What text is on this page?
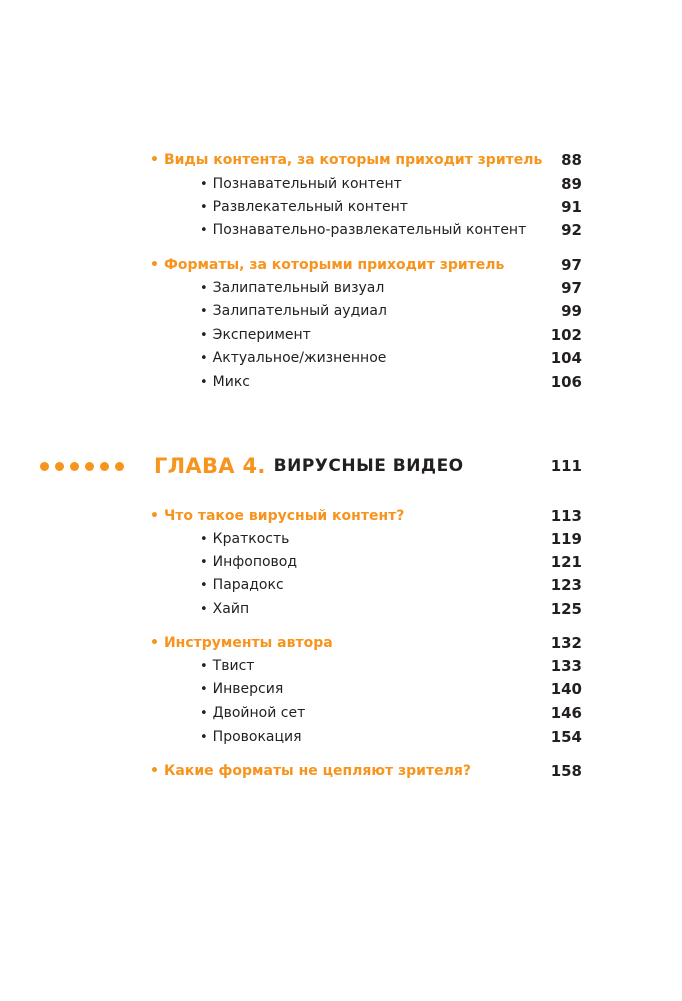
• Виды контента, за которым приходит зритель 88
• Познавательный контент	89
• Развлекательный контент	91
• Познавательно-развлекательный контент 92
• Форматы, за которыми приходит зритель	97
• Залипательный визуал	97
• Залипательный аудиал	99
• Эксперимент	102
• Актуальное/жизненное	104
• Микс	106
ГЛАВА 4. ВИРУСНЫЕ ВИДЕО	111
• Что такое вирусный контент?	113
• Краткость	119
• Инфоповод	121
• Парадокс	123
• Хайп	125
• Инструменты автора	132
• Твист	133
• Инверсия	140
• Двойной сет	146
• Провокация	154
• Какие форматы не цепляют зрителя?	158
